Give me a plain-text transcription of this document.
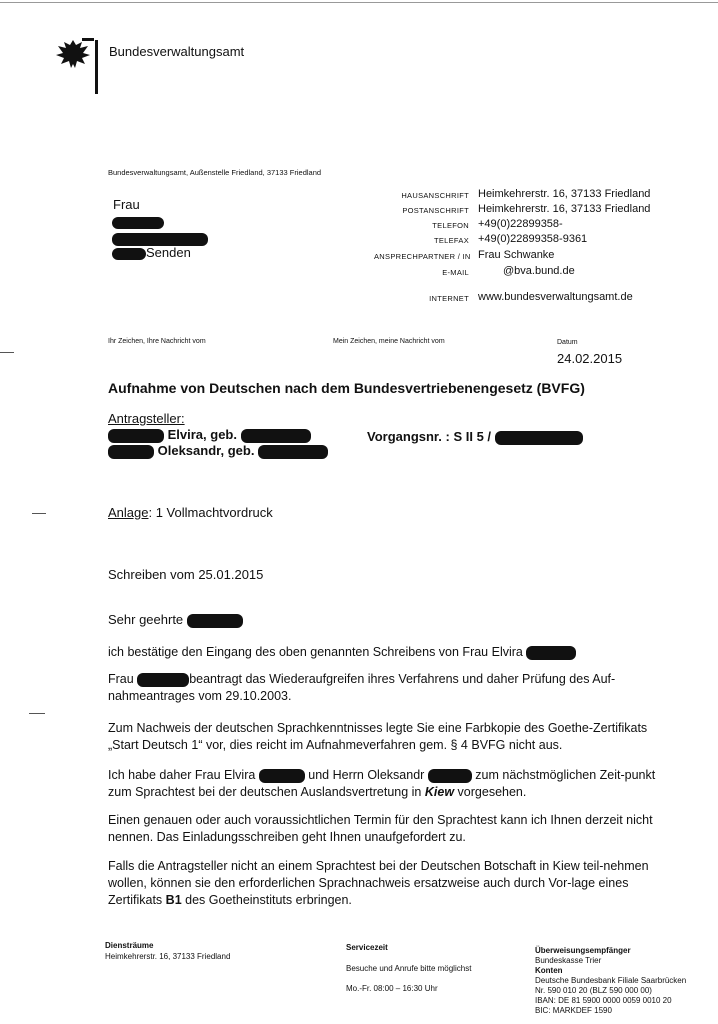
Bundesverwaltungsamt
Bundesverwaltungsamt, Außenstelle Friedland, 37133 Friedland
Frau
Senden
HAUSANSCHRIFT Heimkehrerstr. 16, 37133 Friedland
POSTANSCHRIFT Heimkehrerstr. 16, 37133 Friedland
TELEFON +49(0)22899358-
TELEFAX +49(0)22899358-9361
ANSPRECHPARTNER / IN Frau Schwanke
E-MAIL	@bva.bund.de
INTERNET www.bundesverwaltungsamt.de
Ihr Zeichen, Ihre Nachricht vom	Mein Zeichen, meine Nachricht vom	Datum
24.02.2015
Aufnahme von Deutschen nach dem Bundesvertriebenengesetz (BVFG)
Antragsteller:
Elvira, geb.
Oleksandr, geb.
Vorgangsnr. : S II 5 /
Anlage: 1 Vollmachtvordruck
Schreiben vom 25.01.2015
Sehr geehrte
ich bestätige den Eingang des oben genannten Schreibens von Frau Elvira
Frau	beantragt das Wiederaufgreifen ihres Verfahrens und daher Prüfung des Auf-nahmeantrages vom 29.10.2003.
Zum Nachweis der deutschen Sprachkenntnisses legte Sie eine Farbkopie des Goethe-Zertifikats „Start Deutsch 1“ vor, dies reicht im Aufnahmeverfahren gem. § 4 BVFG nicht aus.
Ich habe daher Frau Elvira	und Herrn Oleksandr	zum nächstmöglichen Zeit-punkt zum Sprachtest bei der deutschen Auslandsvertretung in Kiew vorgesehen.
Einen genauen oder auch voraussichtlichen Termin für den Sprachtest kann ich Ihnen derzeit nicht nennen. Das Einladungsschreiben geht Ihnen unaufgefordert zu.
Falls die Antragsteller nicht an einem Sprachtest bei der Deutschen Botschaft in Kiew teil-nehmen wollen, können sie den erforderlichen Sprachnachweis ersatzweise auch durch Vor-lage eines Zertifikats B1 des Goetheinstituts erbringen.
Diensträume
Heimkehrerstr. 16, 37133 Friedland
Servicezeit
Besuche und Anrufe bitte möglichst
Mo.-Fr. 08:00 – 16:30 Uhr
Überweisungsempfänger
Bundeskasse Trier
Konten
Deutsche Bundesbank Filiale Saarbrücken
Nr. 590 010 20 (BLZ 590 000 00)
IBAN: DE 81 5900 0000 0059 0010 20
BIC: MARKDEF 1590
